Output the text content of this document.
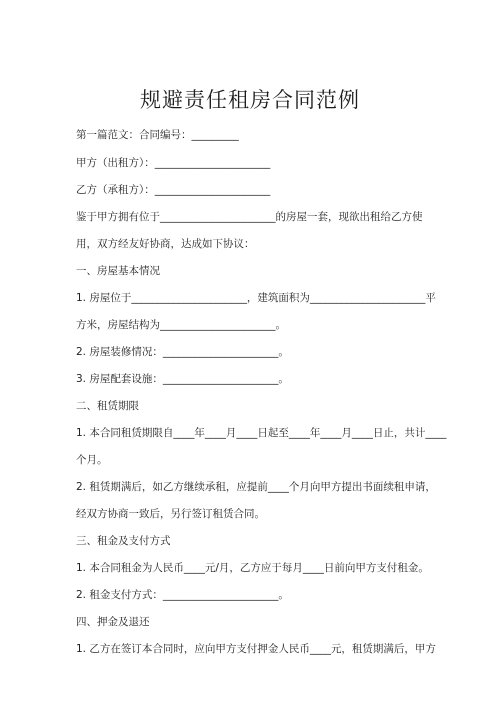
规避责任租房合同范例
第一篇范文：合同编号：_________
甲方（出租方）：______________________
乙方（承租方）：______________________
鉴于甲方拥有位于______________________的房屋一套，现欲出租给乙方使
用，双方经友好协商，达成如下协议：
一、房屋基本情况
1. 房屋位于______________________，建筑面积为______________________平
方米，房屋结构为______________________。
2. 房屋装修情况：______________________。
3. 房屋配套设施：______________________。
二、租赁期限
1. 本合同租赁期限自____年____月____日起至____年____月____日止，共计____
个月。
2. 租赁期满后，如乙方继续承租，应提前____个月向甲方提出书面续租申请，
经双方协商一致后，另行签订租赁合同。
三、租金及支付方式
1. 本合同租金为人民币____元/月，乙方应于每月____日前向甲方支付租金。
2. 租金支付方式：______________________。
四、押金及退还
1. 乙方在签订本合同时，应向甲方支付押金人民币____元，租赁期满后，甲方
